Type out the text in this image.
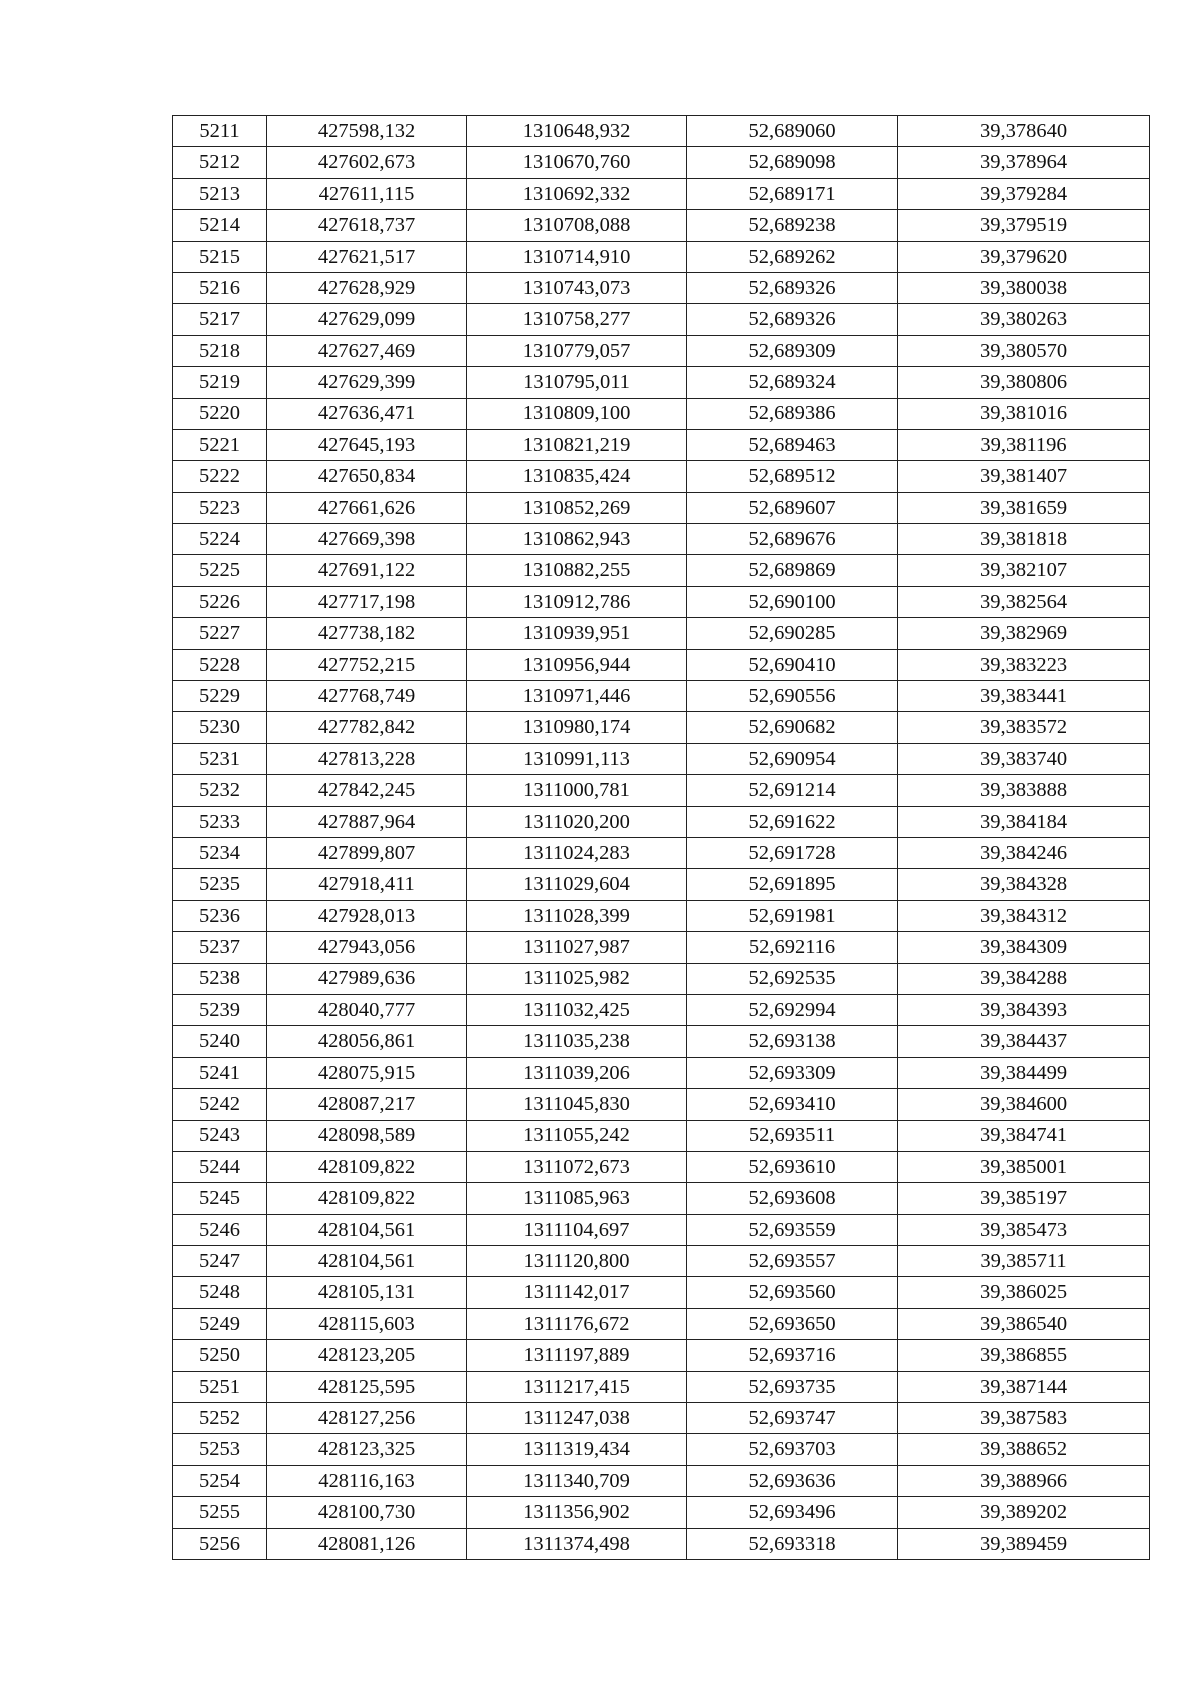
5211	427598,132	1310648,932	52,689060	39,378640
5212	427602,673	1310670,760	52,689098	39,378964
5213	427611,115	1310692,332	52,689171	39,379284
5214	427618,737	1310708,088	52,689238	39,379519
5215	427621,517	1310714,910	52,689262	39,379620
5216	427628,929	1310743,073	52,689326	39,380038
5217	427629,099	1310758,277	52,689326	39,380263
5218	427627,469	1310779,057	52,689309	39,380570
5219	427629,399	1310795,011	52,689324	39,380806
5220	427636,471	1310809,100	52,689386	39,381016
5221	427645,193	1310821,219	52,689463	39,381196
5222	427650,834	1310835,424	52,689512	39,381407
5223	427661,626	1310852,269	52,689607	39,381659
5224	427669,398	1310862,943	52,689676	39,381818
5225	427691,122	1310882,255	52,689869	39,382107
5226	427717,198	1310912,786	52,690100	39,382564
5227	427738,182	1310939,951	52,690285	39,382969
5228	427752,215	1310956,944	52,690410	39,383223
5229	427768,749	1310971,446	52,690556	39,383441
5230	427782,842	1310980,174	52,690682	39,383572
5231	427813,228	1310991,113	52,690954	39,383740
5232	427842,245	1311000,781	52,691214	39,383888
5233	427887,964	1311020,200	52,691622	39,384184
5234	427899,807	1311024,283	52,691728	39,384246
5235	427918,411	1311029,604	52,691895	39,384328
5236	427928,013	1311028,399	52,691981	39,384312
5237	427943,056	1311027,987	52,692116	39,384309
5238	427989,636	1311025,982	52,692535	39,384288
5239	428040,777	1311032,425	52,692994	39,384393
5240	428056,861	1311035,238	52,693138	39,384437
5241	428075,915	1311039,206	52,693309	39,384499
5242	428087,217	1311045,830	52,693410	39,384600
5243	428098,589	1311055,242	52,693511	39,384741
5244	428109,822	1311072,673	52,693610	39,385001
5245	428109,822	1311085,963	52,693608	39,385197
5246	428104,561	1311104,697	52,693559	39,385473
5247	428104,561	1311120,800	52,693557	39,385711
5248	428105,131	1311142,017	52,693560	39,386025
5249	428115,603	1311176,672	52,693650	39,386540
5250	428123,205	1311197,889	52,693716	39,386855
5251	428125,595	1311217,415	52,693735	39,387144
5252	428127,256	1311247,038	52,693747	39,387583
5253	428123,325	1311319,434	52,693703	39,388652
5254	428116,163	1311340,709	52,693636	39,388966
5255	428100,730	1311356,902	52,693496	39,389202
5256	428081,126	1311374,498	52,693318	39,389459
